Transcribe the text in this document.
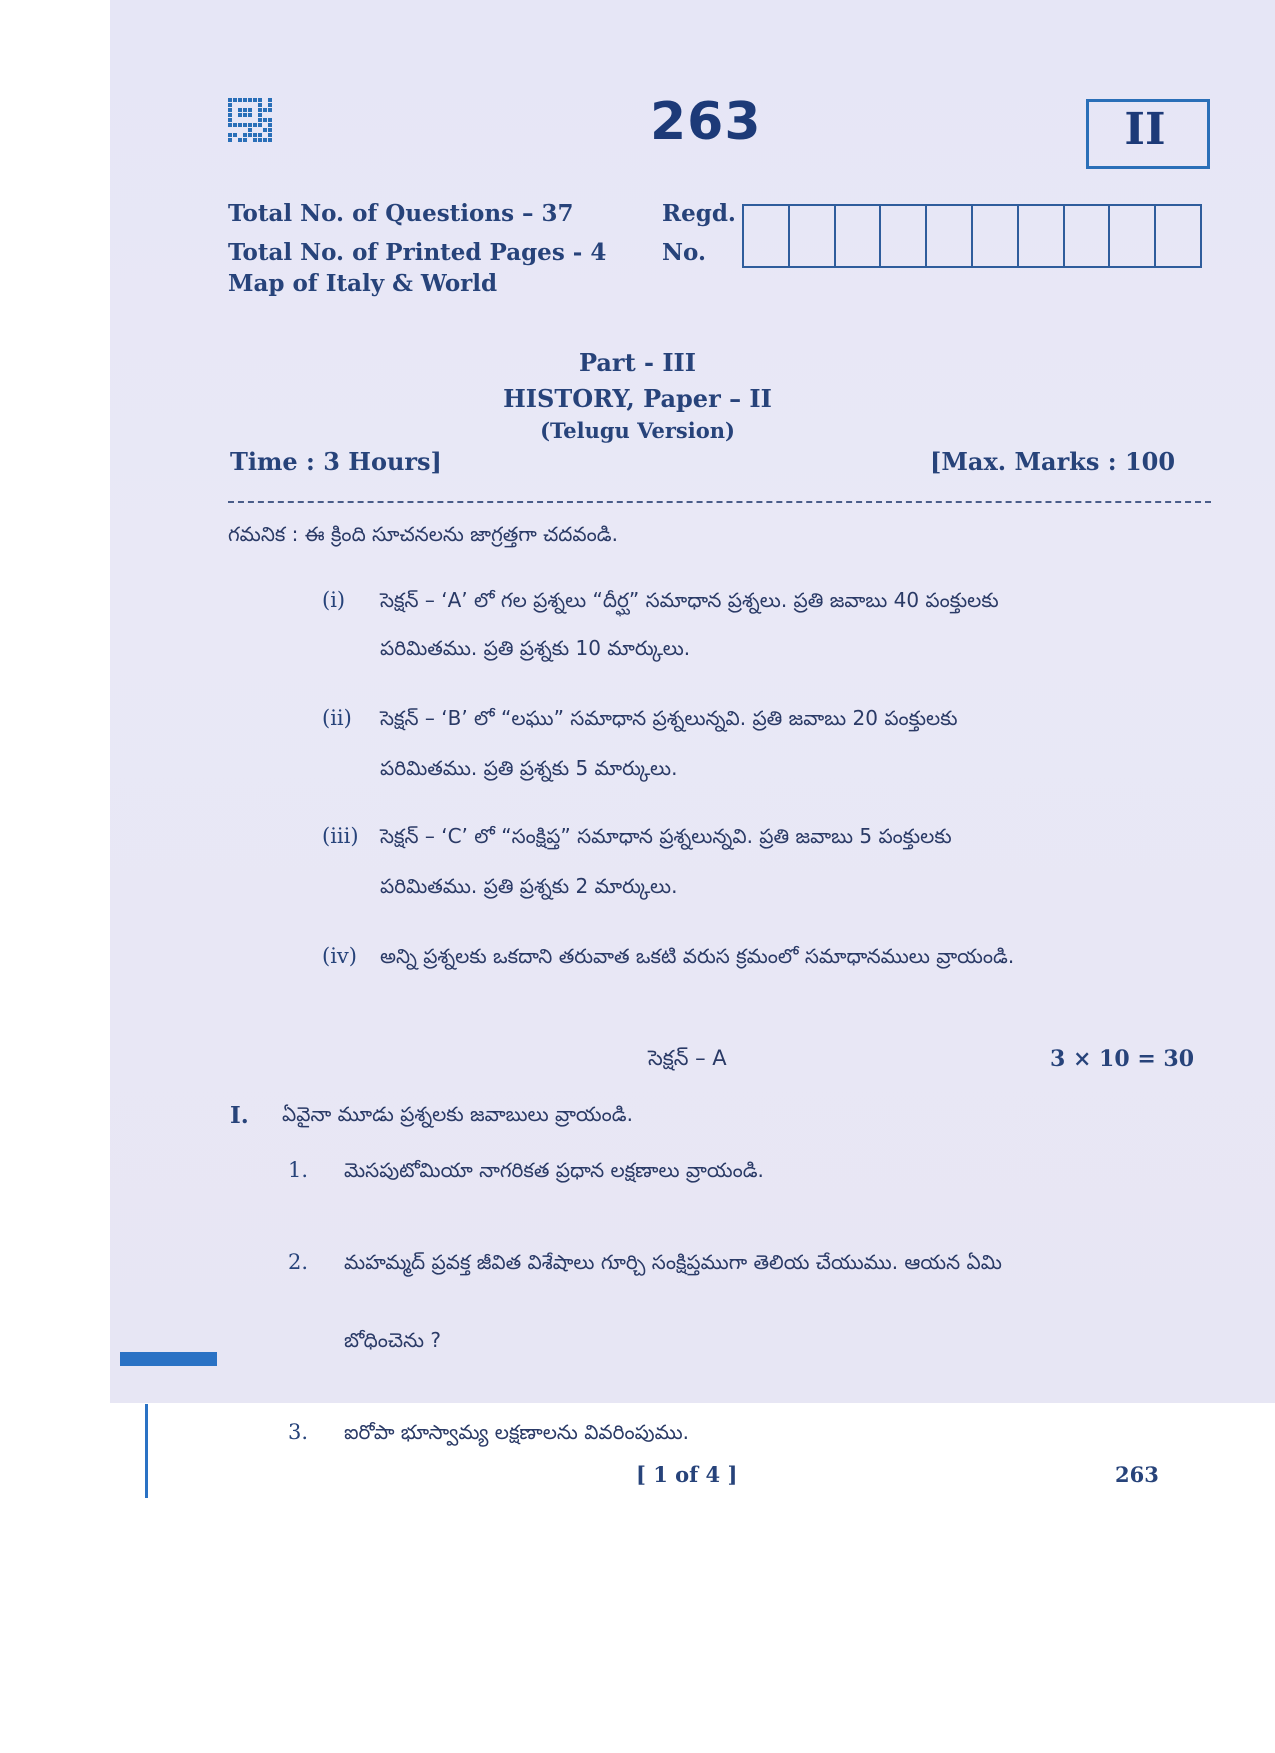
263	II
Total No. of Questions – 37
Total No. of Printed Pages - 4
Map of Italy & World
Regd.
No.
Part - III
HISTORY, Paper – II
(Telugu Version)
Time : 3 Hours]	[Max. Marks : 100
గమనిక : ఈ క్రింది సూచనలను జాగ్రత్తగా చదవండి.
(i) సెక్షన్ – ‘A’ లో గల ప్రశ్నలు “దీర్ఘ” సమాధాన ప్రశ్నలు. ప్రతి జవాబు 40 పంక్తులకు
పరిమితము. ప్రతి ప్రశ్నకు 10 మార్కులు.
(ii) సెక్షన్ – ‘B’ లో “లఘు” సమాధాన ప్రశ్నలున్నవి. ప్రతి జవాబు 20 పంక్తులకు
పరిమితము. ప్రతి ప్రశ్నకు 5 మార్కులు.
(iii) సెక్షన్ – ‘C’ లో “సంక్షిప్త” సమాధాన ప్రశ్నలున్నవి. ప్రతి జవాబు 5 పంక్తులకు
పరిమితము. ప్రతి ప్రశ్నకు 2 మార్కులు.
(iv) అన్ని ప్రశ్నలకు ఒకదాని తరువాత ఒకటి వరుస క్రమంలో సమాధానములు వ్రాయండి.
సెక్షన్ – A	3 × 10 = 30
I. ఏవైనా మూడు ప్రశ్నలకు జవాబులు వ్రాయండి.
1. మెసపుటోమియా నాగరికత ప్రధాన లక్షణాలు వ్రాయండి.
2. మహమ్మద్ ప్రవక్త జీవిత విశేషాలు గూర్చి సంక్షిప్తముగా తెలియ చేయుము. ఆయన ఏమి
బోధించెను ?
3. ఐరోపా భూస్వామ్య లక్షణాలను వివరింపుము.
[ 1 of 4 ]	263
